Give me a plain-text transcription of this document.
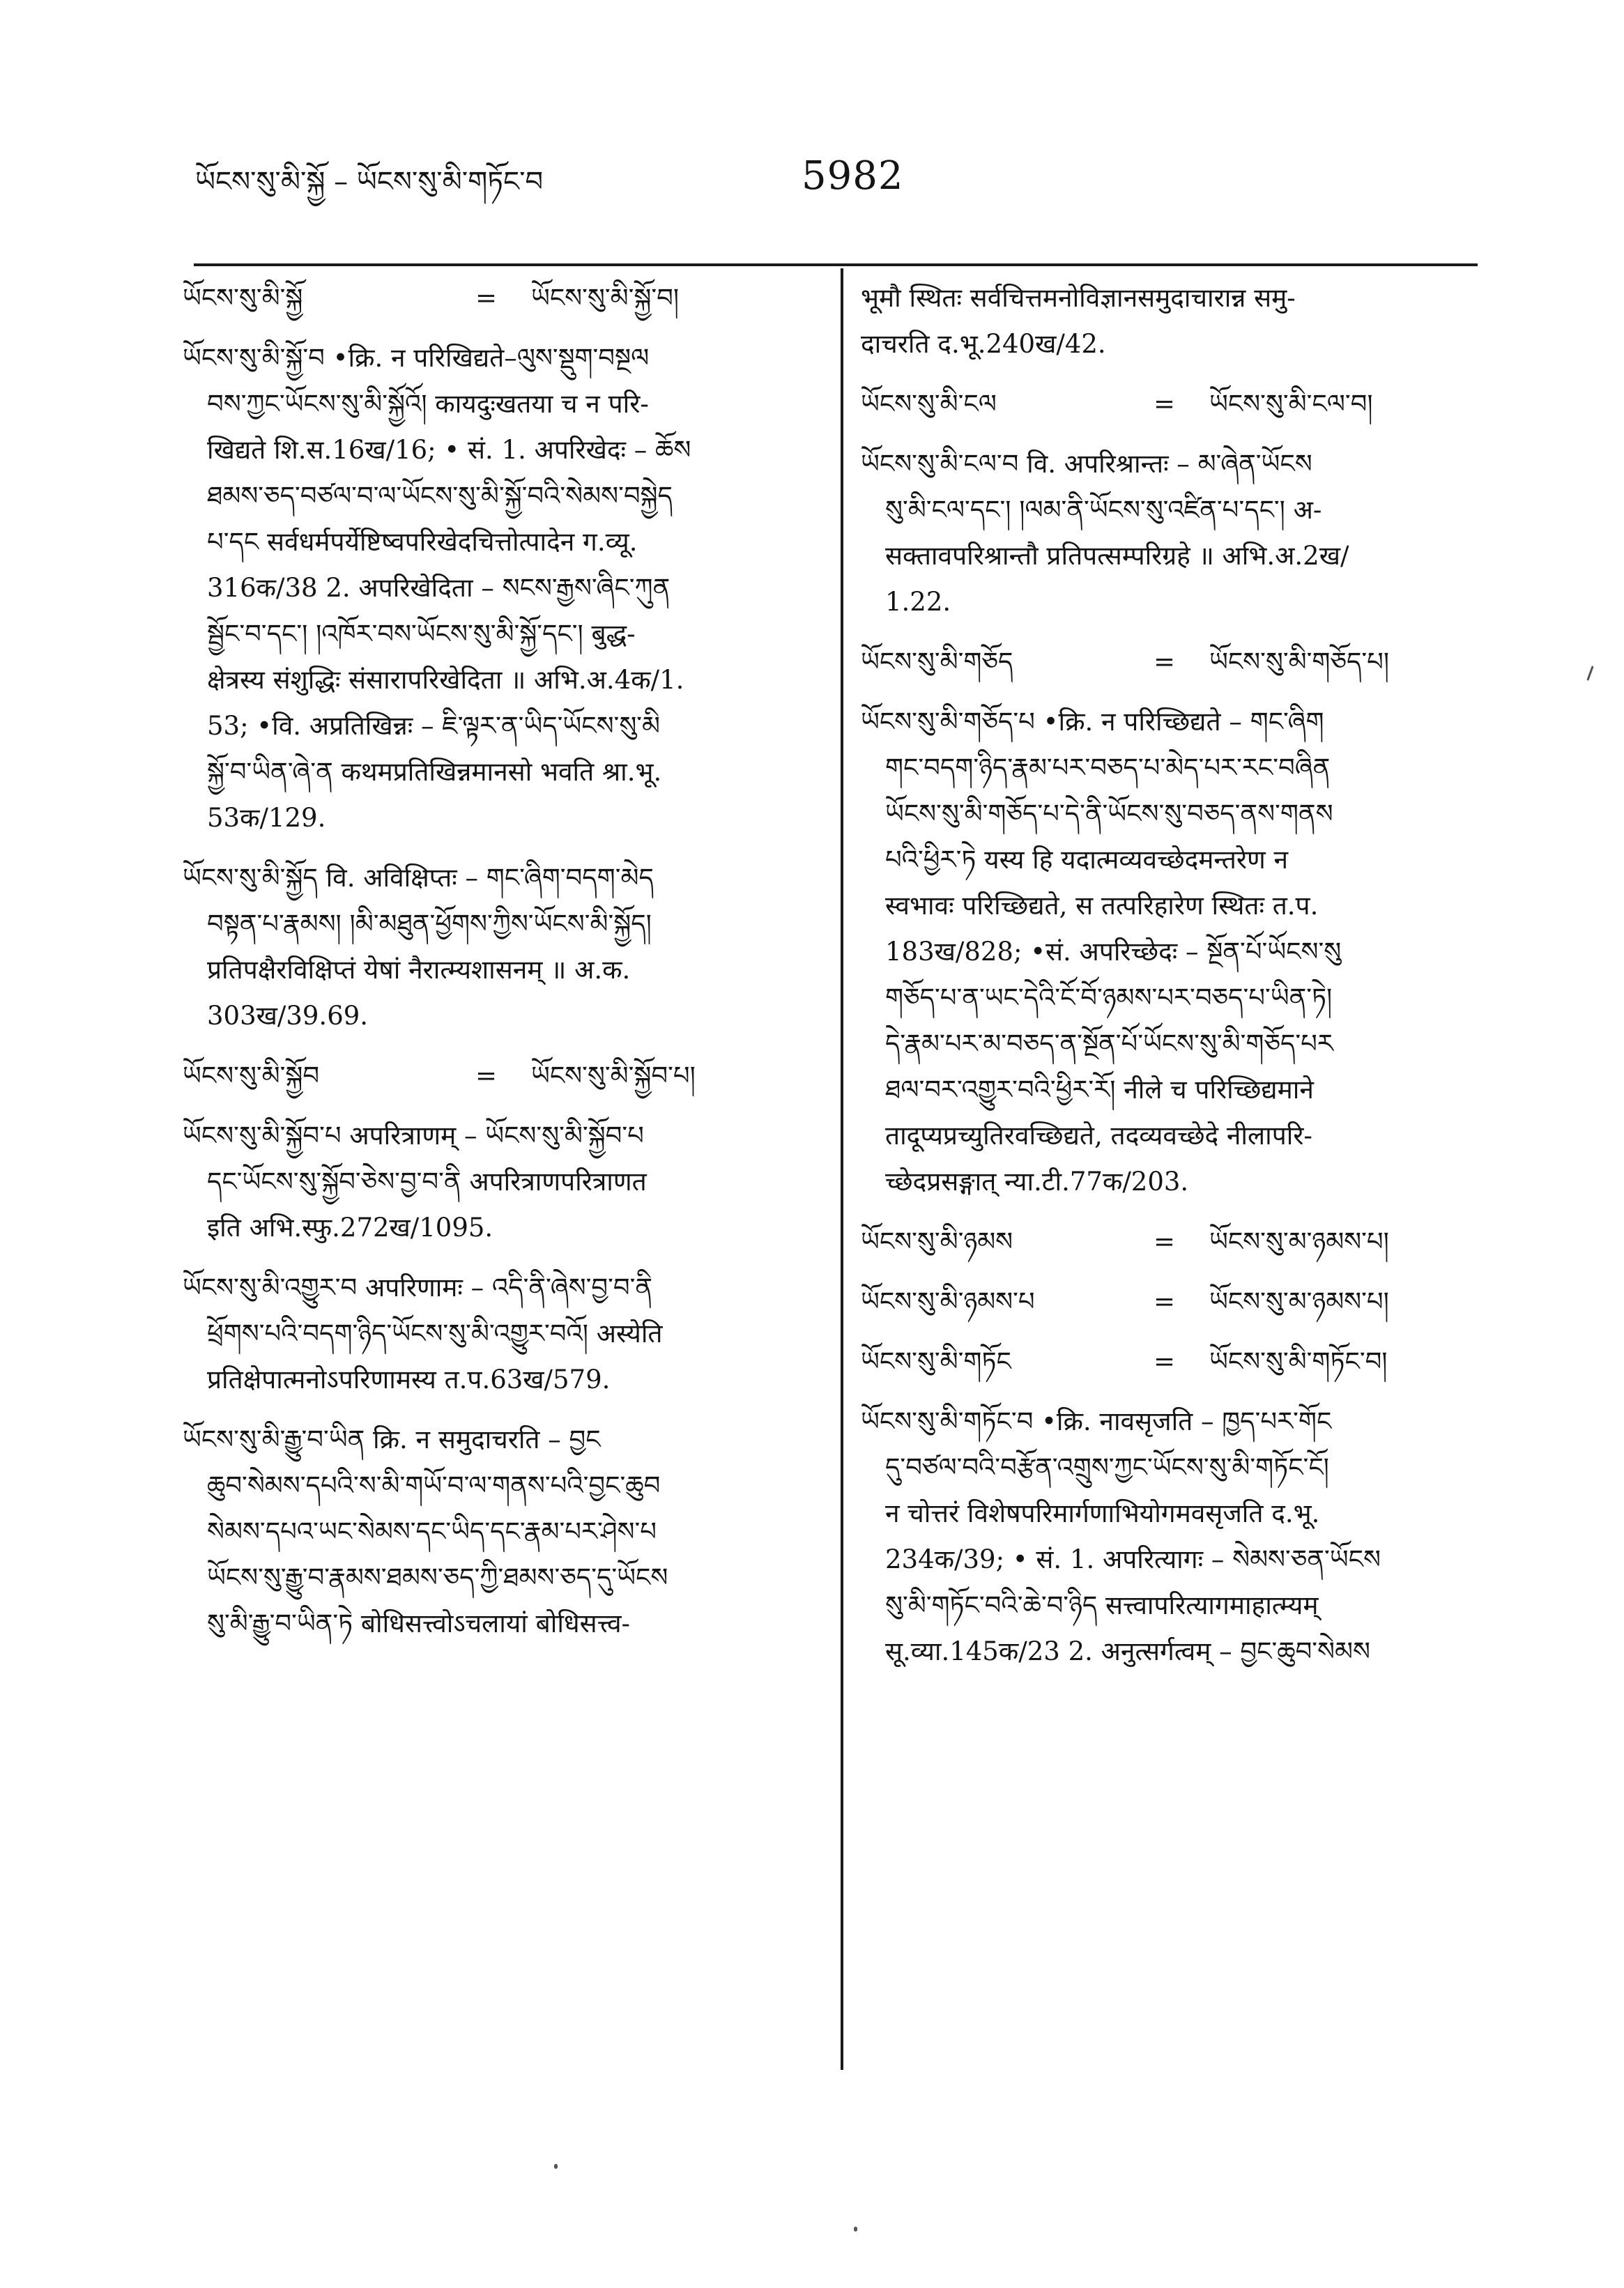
ཡོངས་སུ་མི་སྐྱོ – ཡོངས་སུ་མི་གཏོང་བ	5982
ཡོངས་སུ་མི་སྐྱོ	=	ཡོངས་སུ་མི་སྐྱོ་བ།
ཡོངས་སུ་མི་སྐྱོ་བ •क्रि. न परिखिद्यते–ལུས་སྡུག་བསྔལ
བས་ཀྱང་ཡོངས་སུ་མི་སྐྱོའོ། कायदुःखतया च न परि-
खिद्यते शि.स.16ख/16; • सं. 1. अपरिखेदः – ཆོས
ཐམས་ཅད་བཙལ་བ་ལ་ཡོངས་སུ་མི་སྐྱོ་བའི་སེམས་བསྐྱེད
པ་དང सर्वधर्मपर्येष्टिष्वपरिखेदचित्तोत्पादेन ग.व्यू.
316क/38 2. अपरिखेदिता – སངས་རྒྱས་ཞིང་ཀུན
སྦྱོང་བ་དང་། །འཁོར་བས་ཡོངས་སུ་མི་སྐྱོ་དང་། बुद्ध-
क्षेत्रस्य संशुद्धिः संसारापरिखेदिता ॥ अभि.अ.4क/1.
53; •वि. अप्रतिखिन्नः – ཇི་ལྟར་ན་ཡིད་ཡོངས་སུ་མི
སྐྱོ་བ་ཡིན་ཞེ་ན कथमप्रतिखिन्नमानसो भवति श्रा.भू.
53क/129.
ཡོངས་སུ་མི་སྐྱོད वि. अविक्षिप्तः – གང་ཞིག་བདག་མེད
བསྟན་པ་རྣམས། །མི་མཐུན་ཕྱོགས་ཀྱིས་ཡོངས་མི་སྐྱོད།
प्रतिपक्षैरविक्षिप्तं येषां नैरात्म्यशासनम् ॥ अ.क.
303ख/39.69.
ཡོངས་སུ་མི་སྐྱོབ	=	ཡོངས་སུ་མི་སྐྱོབ་པ།
ཡོངས་སུ་མི་སྐྱོབ་པ अपरित्राणम् – ཡོངས་སུ་མི་སྐྱོབ་པ
དང་ཡོངས་སུ་སྐྱོབ་ཅེས་བྱ་བ་ནི अपरित्राणपरित्राणत
इति अभि.स्फु.272ख/1095.
ཡོངས་སུ་མི་འགྱུར་བ अपरिणामः – འདི་ནི་ཞེས་བྱ་བ་ནི
ཕྲོགས་པའི་བདག་ཉིད་ཡོངས་སུ་མི་འགྱུར་བའོ། अस्येति
प्रतिक्षेपात्मनोऽपरिणामस्य त.प.63ख/579.
ཡོངས་སུ་མི་རྒྱུ་བ་ཡིན क्रि. न समुदाचरति – བྱང
ཆུབ་སེམས་དཔའི་ས་མི་གཡོ་བ་ལ་གནས་པའི་བྱང་ཆུབ
སེམས་དཔའ་ཡང་སེམས་དང་ཡིད་དང་རྣམ་པར་ཤེས་པ
ཡོངས་སུ་རྒྱུ་བ་རྣམས་ཐམས་ཅད་ཀྱི་ཐམས་ཅད་དུ་ཡོངས
སུ་མི་རྒྱུ་བ་ཡིན་ཏེ बोधिसत्त्वोऽचलायां बोधिसत्त्व-
भूमौ स्थितः सर्वचित्तमनोविज्ञानसमुदाचारान्न समु-
दाचरति द.भू.240ख/42.
ཡོངས་སུ་མི་ངལ	=	ཡོངས་སུ་མི་ངལ་བ།
ཡོངས་སུ་མི་ངལ་བ वि. अपरिश्रान्तः – མ་ཞེན་ཡོངས
སུ་མི་ངལ་དང་། །ལམ་ནི་ཡོངས་སུ་འཛིན་པ་དང་། अ-
सक्तावपरिश्रान्तौ प्रतिपत्सम्परिग्रहे ॥ अभि.अ.2ख/
1.22.
ཡོངས་སུ་མི་གཅོད	=	ཡོངས་སུ་མི་གཅོད་པ།
ཡོངས་སུ་མི་གཅོད་པ •क्रि. न परिच्छिद्यते – གང་ཞིག
གང་བདག་ཉིད་རྣམ་པར་བཅད་པ་མེད་པར་རང་བཞིན
ཡོངས་སུ་མི་གཅོད་པ་དེ་ནི་ཡོངས་སུ་བཅད་ནས་གནས
པའི་ཕྱིར་ཏེ यस्य हि यदात्मव्यवच्छेदमन्तरेण न
स्वभावः परिच्छिद्यते, स तत्परिहारेण स्थितः त.प.
183ख/828; •सं. अपरिच्छेदः – སྔོན་པོ་ཡོངས་སུ
གཅོད་པ་ན་ཡང་དེའི་ངོ་བོ་ཉམས་པར་བཅད་པ་ཡིན་ཏེ།
དེ་རྣམ་པར་མ་བཅད་ན་སྔོན་པོ་ཡོངས་སུ་མི་གཅོད་པར
ཐལ་བར་འགྱུར་བའི་ཕྱིར་རོ། नीले च परिच्छिद्यमाने
तादूप्यप्रच्युतिरवच्छिद्यते, तदव्यवच्छेदे नीलापरि-
च्छेदप्रसङ्गात् न्या.टी.77क/203.
ཡོངས་སུ་མི་ཉམས	=	ཡོངས་སུ་མ་ཉམས་པ།
ཡོངས་སུ་མི་ཉམས་པ	=	ཡོངས་སུ་མ་ཉམས་པ།
ཡོངས་སུ་མི་གཏོང	=	ཡོངས་སུ་མི་གཏོང་བ།
ཡོངས་སུ་མི་གཏོང་བ •क्रि. नावसृजति – ཁྱད་པར་གོང
དུ་བཙལ་བའི་བརྩོན་འགྲུས་ཀྱང་ཡོངས་སུ་མི་གཏོང་ངོ།
न चोत्तरं विशेषपरिमार्गणाभियोगमवसृजति द.भू.
234क/39; • सं. 1. अपरित्यागः – སེམས་ཅན་ཡོངས
སུ་མི་གཏོང་བའི་ཆེ་བ་ཉིད सत्त्वापरित्यागमाहात्म्यम्
सू.व्या.145क/23 2. अनुत्सर्गत्वम् – བྱང་ཆུབ་སེམས
